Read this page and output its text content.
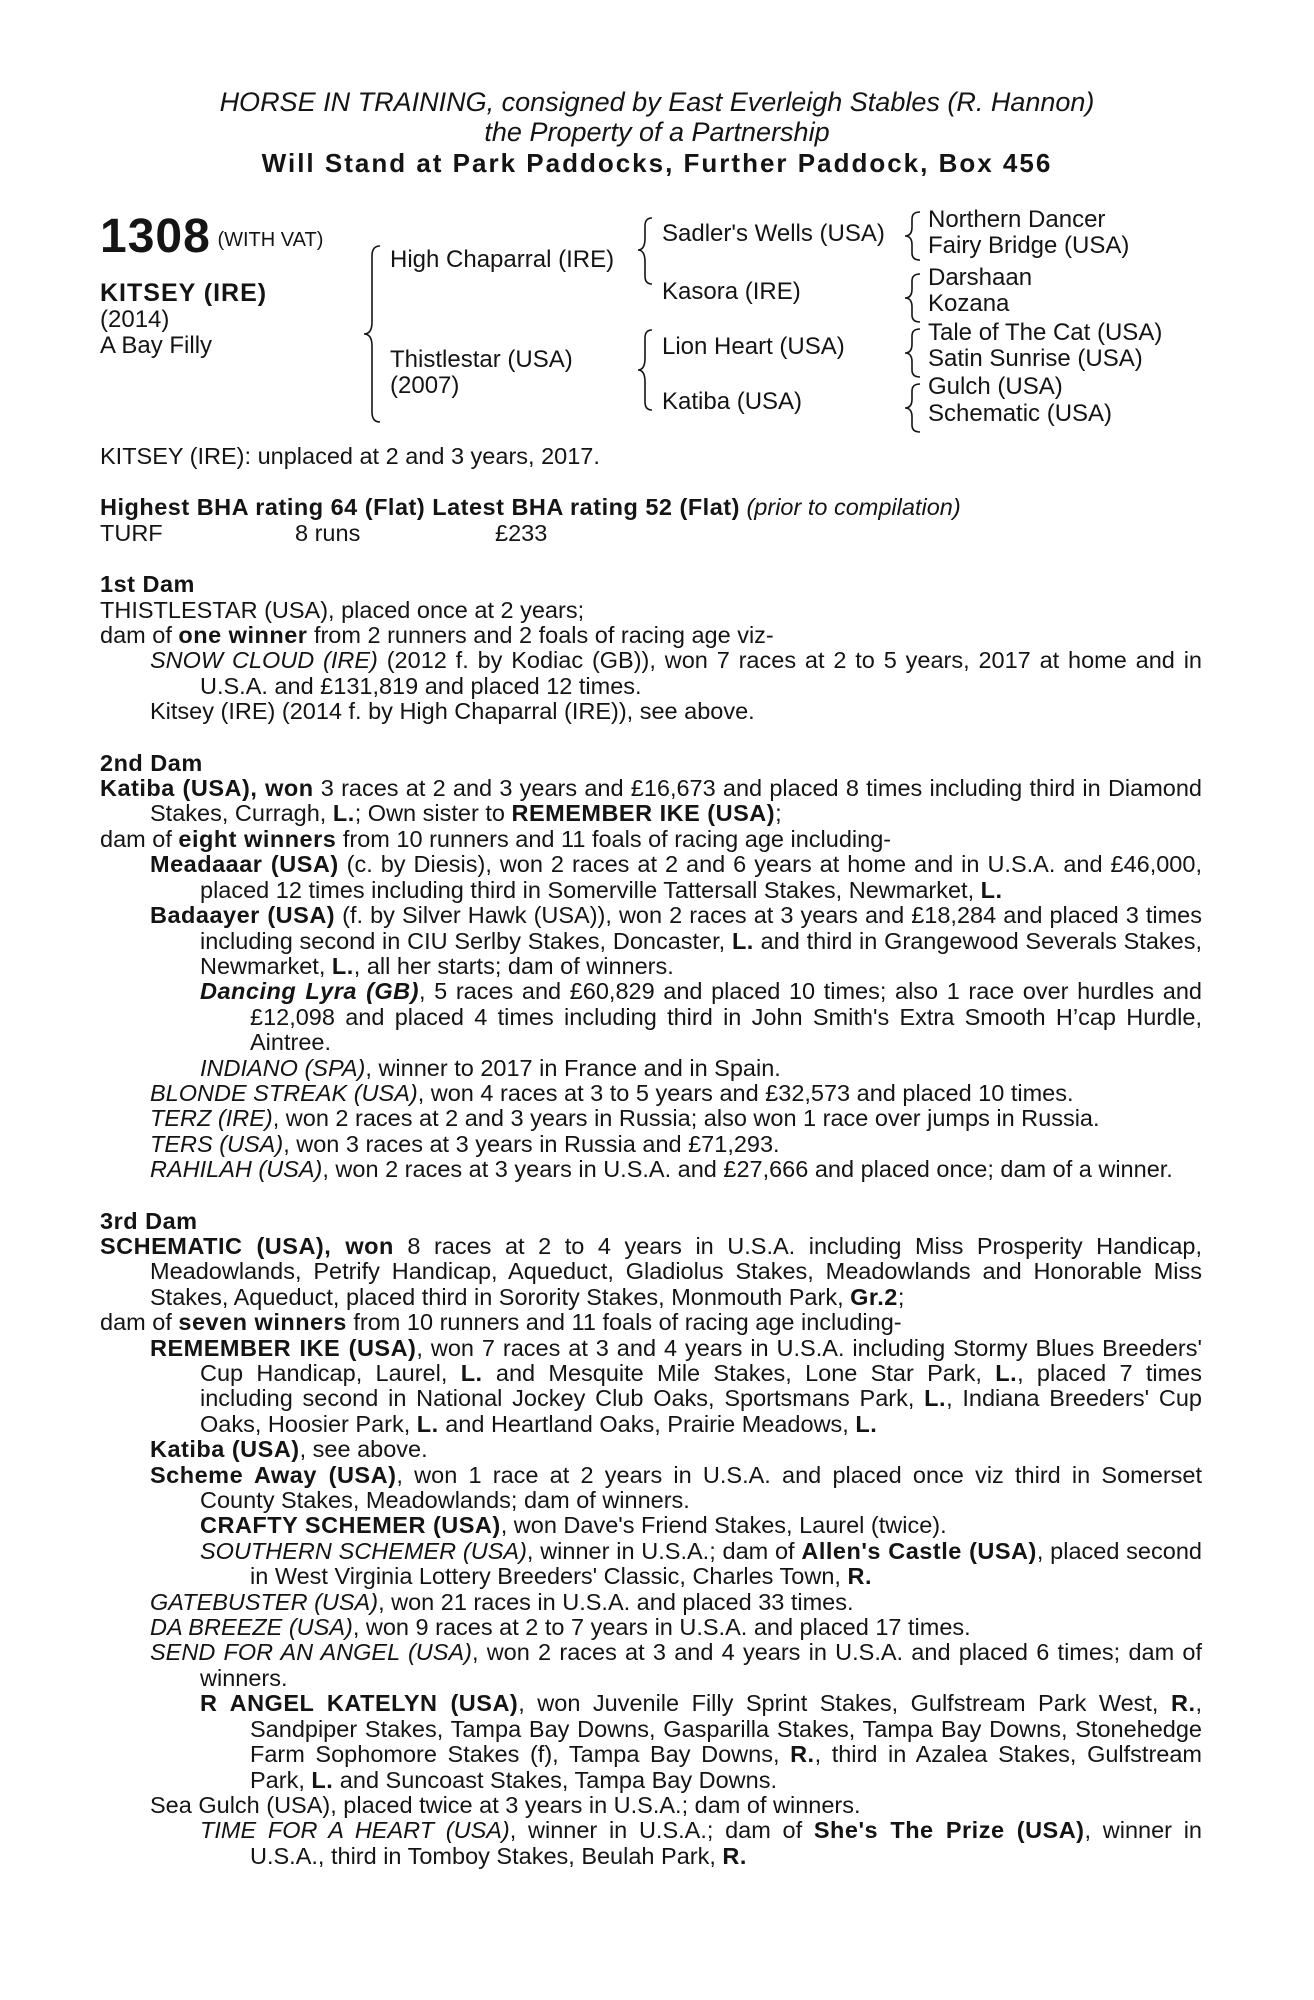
HORSE IN TRAINING, consigned by East Everleigh Stables (R. Hannon)
the Property of a Partnership
Will Stand at Park Paddocks, Further Paddock, Box 456
1308 $^{(WITH VAT)}$
KITSEY (IRE)
(2014)
A Bay Filly
High Chaparral (IRE)
Thistlestar (USA)
(2007)
Sadler's Wells (USA)
Kasora (IRE)
Lion Heart (USA)
Katiba (USA)
Northern Dancer
Fairy Bridge (USA)
Darshaan
Kozana
Tale of The Cat (USA)
Satin Sunrise (USA)
Gulch (USA)
Schematic (USA)

KITSEY (IRE): unplaced at 2 and 3 years, 2017.

Highest BHA rating 64 (Flat) Latest BHA rating 52 (Flat) (prior to compilation)

TURF	8 runs	£233

1st Dam

THISTLESTAR (USA), placed once at 2 years;

dam of one winner from 2 runners and 2 foals of racing age viz-

SNOW CLOUD (IRE) (2012 f. by Kodiac (GB)), won 7 races at 2 to 5 years, 2017 at home and in U.S.A. and £131,819 and placed 12 times.

Kitsey (IRE) (2014 f. by High Chaparral (IRE)), see above.

2nd Dam

Katiba (USA), won 3 races at 2 and 3 years and £16,673 and placed 8 times including third in Diamond Stakes, Curragh, L.; Own sister to REMEMBER IKE (USA);

dam of eight winners from 10 runners and 11 foals of racing age including-

Meadaaar (USA) (c. by Diesis), won 2 races at 2 and 6 years at home and in U.S.A. and £46,000, placed 12 times including third in Somerville Tattersall Stakes, Newmarket, L.

Badaayer (USA) (f. by Silver Hawk (USA)), won 2 races at 3 years and £18,284 and placed 3 times including second in CIU Serlby Stakes, Doncaster, L. and third in Grangewood Severals Stakes, Newmarket, L., all her starts; dam of winners.

Dancing Lyra (GB), 5 races and £60,829 and placed 10 times; also 1 race over hurdles and £12,098 and placed 4 times including third in John Smith's Extra Smooth H’cap Hurdle, Aintree.

INDIANO (SPA), winner to 2017 in France and in Spain.

BLONDE STREAK (USA), won 4 races at 3 to 5 years and £32,573 and placed 10 times.

TERZ (IRE), won 2 races at 2 and 3 years in Russia; also won 1 race over jumps in Russia.

TERS (USA), won 3 races at 3 years in Russia and £71,293.

RAHILAH (USA), won 2 races at 3 years in U.S.A. and £27,666 and placed once; dam of a winner.

3rd Dam

SCHEMATIC (USA), won 8 races at 2 to 4 years in U.S.A. including Miss Prosperity Handicap, Meadowlands, Petrify Handicap, Aqueduct, Gladiolus Stakes, Meadowlands and Honorable Miss Stakes, Aqueduct, placed third in Sorority Stakes, Monmouth Park, Gr.2;

dam of seven winners from 10 runners and 11 foals of racing age including-

REMEMBER IKE (USA), won 7 races at 3 and 4 years in U.S.A. including Stormy Blues Breeders' Cup Handicap, Laurel, L. and Mesquite Mile Stakes, Lone Star Park, L., placed 7 times including second in National Jockey Club Oaks, Sportsmans Park, L., Indiana Breeders' Cup Oaks, Hoosier Park, L. and Heartland Oaks, Prairie Meadows, L.

Katiba (USA), see above.

Scheme Away (USA), won 1 race at 2 years in U.S.A. and placed once viz third in Somerset County Stakes, Meadowlands; dam of winners.

CRAFTY SCHEMER (USA), won Dave's Friend Stakes, Laurel (twice).

SOUTHERN SCHEMER (USA), winner in U.S.A.; dam of Allen's Castle (USA), placed second in West Virginia Lottery Breeders' Classic, Charles Town, R.

GATEBUSTER (USA), won 21 races in U.S.A. and placed 33 times.

DA BREEZE (USA), won 9 races at 2 to 7 years in U.S.A. and placed 17 times.

SEND FOR AN ANGEL (USA), won 2 races at 3 and 4 years in U.S.A. and placed 6 times; dam of winners.

R ANGEL KATELYN (USA), won Juvenile Filly Sprint Stakes, Gulfstream Park West, R., Sandpiper Stakes, Tampa Bay Downs, Gasparilla Stakes, Tampa Bay Downs, Stonehedge Farm Sophomore Stakes (f), Tampa Bay Downs, R., third in Azalea Stakes, Gulfstream Park, L. and Suncoast Stakes, Tampa Bay Downs.

Sea Gulch (USA), placed twice at 3 years in U.S.A.; dam of winners.

TIME FOR A HEART (USA), winner in U.S.A.; dam of She's The Prize (USA), winner in U.S.A., third in Tomboy Stakes, Beulah Park, R.
